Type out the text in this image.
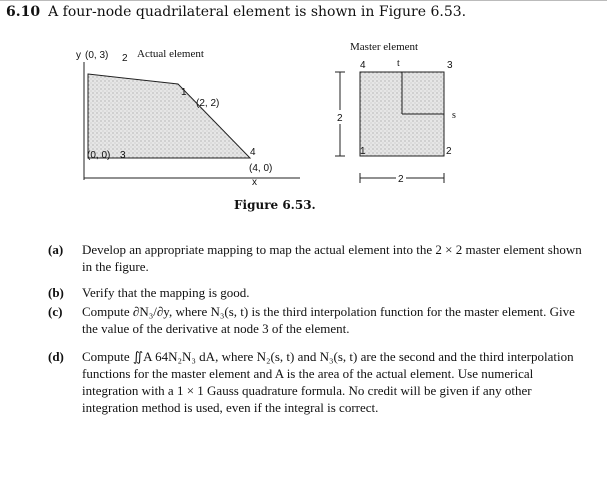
6.10 A four-node quadrilateral element is shown in Figure 6.53.
y (0, 3) 2 Actual element
1
(2, 2)
(0, 0) 3	4
(4, 0)
x
Master element
4	t	3
s
1	2
2
2
Figure 6.53.
(a)	Develop an appropriate mapping to map the actual element into the 2 × 2 master element shown in the figure.
(b)	Verify that the mapping is good.
(c)	Compute ∂N₃/∂y, where N₃(s, t) is the third interpolation function for the master element. Give the value of the derivative at node 3 of the element.
(d)	Compute ∬A 64N₂N₃ dA, where N₂(s, t) and N₃(s, t) are the second and the third interpolation functions for the master element and A is the area of the actual element. Use numerical integration with a 1 × 1 Gauss quadrature formula. No credit will be given if any other integration method is used, even if the integral is correct.
